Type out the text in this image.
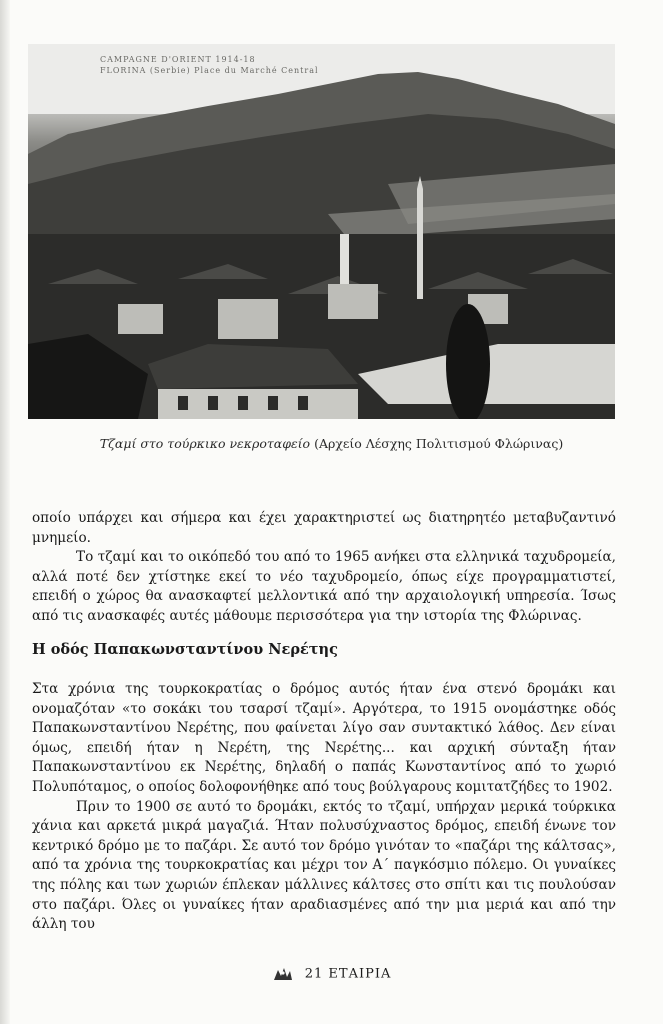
CAMPAGNE D'ORIENT 1914-18
FLORINA (Serbie) Place du Marché Central
Τζαμί στο τούρκικο νεκροταφείο (Αρχείο Λέσχης Πολιτισμού Φλώρινας)

οποίο υπάρχει και σήμερα και έχει χαρακτηριστεί ως διατηρητέο μεταβυζαντινό μνημείο.

Το τζαμί και το οικόπεδό του από το 1965 ανήκει στα ελληνικά ταχυδρομεία, αλλά ποτέ δεν χτίστηκε εκεί το νέο ταχυδρομείο, όπως είχε προγραμματιστεί, επειδή ο χώρος θα ανασκαφτεί μελλοντικά από την αρχαιολογική υπηρεσία. Ίσως από τις ανασκαφές αυτές μάθουμε περισσότερα για την ιστορία της Φλώρινας.

Η οδός Παπακωνσταντίνου Νερέτης

Στα χρόνια της τουρκοκρατίας ο δρόμος αυτός ήταν ένα στενό δρομάκι και ονομαζόταν «το σοκάκι του τσαρσί τζαμί». Αργότερα, το 1915 ονομάστηκε οδός Παπακωνσταντίνου Νερέτης, που φαίνεται λίγο σαν συντακτικό λάθος. Δεν είναι όμως, επειδή ήταν η Νερέτη, της Νερέτης... και αρχική σύνταξη ήταν Παπακωνσταντίνου εκ Νερέτης, δηλαδή ο παπάς Κωνσταντίνος από το χωριό Πολυπόταμος, ο οποίος δολοφονήθηκε από τους βούλγαρους κομιτατζήδες το 1902.

Πριν το 1900 σε αυτό το δρομάκι, εκτός το τζαμί, υπήρχαν μερικά τούρκικα χάνια και αρκετά μικρά μαγαζιά. Ήταν πολυσύχναστος δρόμος, επειδή ένωνε τον κεντρικό δρόμο με το παζάρι. Σε αυτό τον δρόμο γινόταν το «παζάρι της κάλτσας», από τα χρόνια της τουρκοκρατίας και μέχρι τον Α΄ παγκόσμιο πόλεμο. Οι γυναίκες της πόλης και των χωριών έπλεκαν μάλλινες κάλτσες στο σπίτι και τις πουλούσαν στο παζάρι. Όλες οι γυναίκες ήταν αραδιασμένες από την μια μεριά και από την άλλη του

21 ΕΤΑΙΡΙΑ
